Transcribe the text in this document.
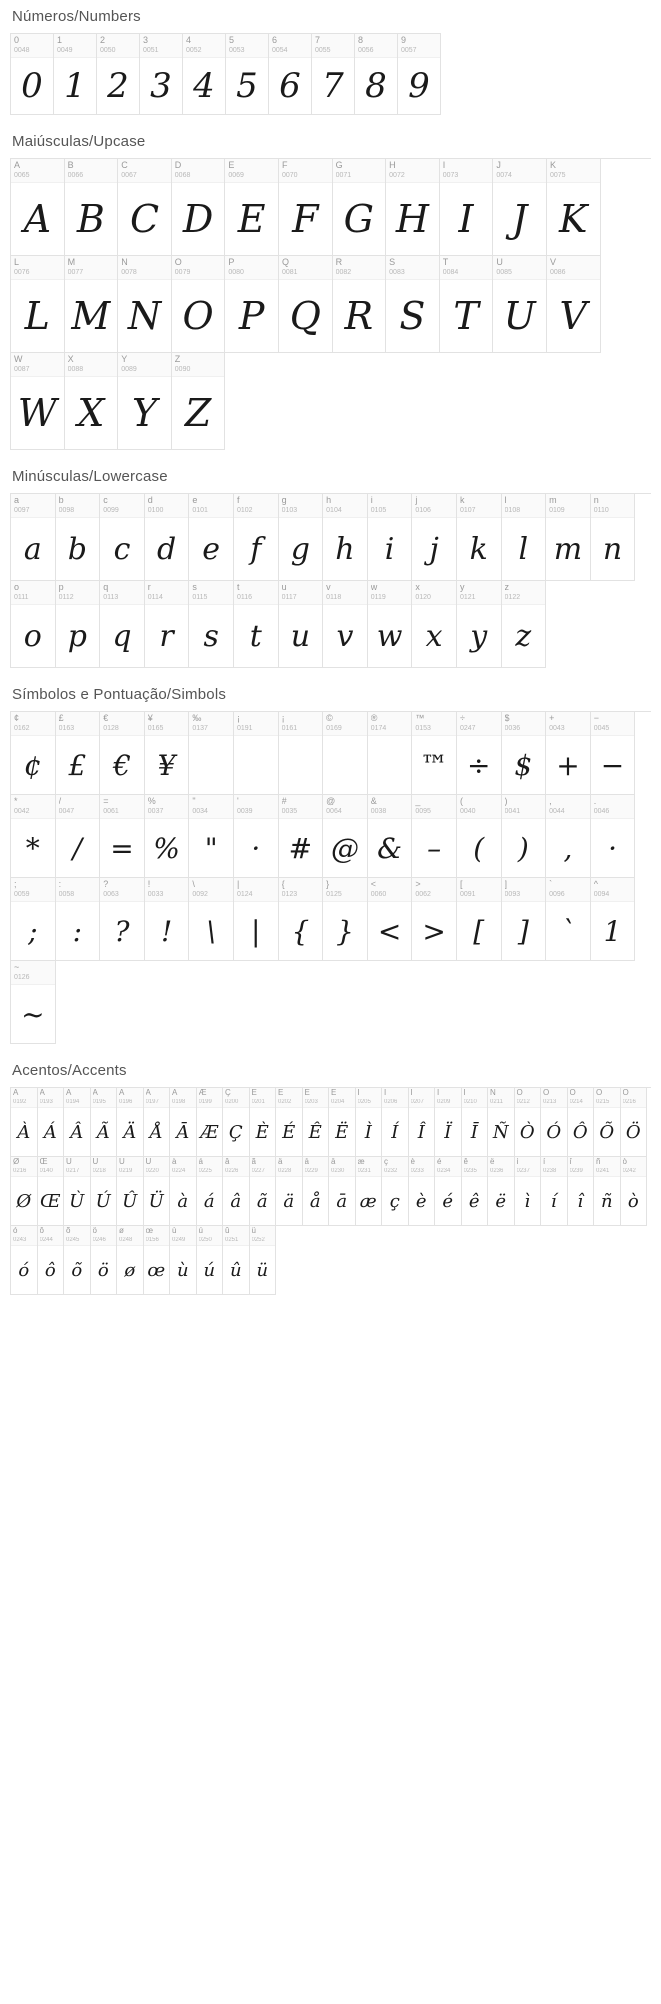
Números/Numbers
0
0048
0
1
0049
1
2
0050
2
3
0051
3
4
0052
4
5
0053
5
6
0054
6
7
0055
7
8
0056
8
9
0057
9
Maiúsculas/Upcase
A
0065
A
B
0066
B
C
0067
C
D
0068
D
E
0069
E
F
0070
F
G
0071
G
H
0072
H
I
0073
I
J
0074
J
K
0075
K
L
0076
L
M
0077
M
N
0078
N
O
0079
O
P
0080
P
Q
0081
Q
R
0082
R
S
0083
S
T
0084
T
U
0085
U
V
0086
V
W
0087
W
X
0088
X
Y
0089
Y
Z
0090
Z
Minúsculas/Lowercase
a
0097
a
b
0098
b
c
0099
c
d
0100
d
e
0101
e
f
0102
f
g
0103
g
h
0104
h
i
0105
i
j
0106
j
k
0107
k
l
0108
l
m
0109
m
n
0110
n
o
0111
o
p
0112
p
q
0113
q
r
0114
r
s
0115
s
t
0116
t
u
0117
u
v
0118
v
w
0119
w
x
0120
x
y
0121
y
z
0122
z
Símbolos e Pontuação/Simbols
¢
0162
¢
£
0163
£
€
0128
€
¥
0165
¥
‰
0137
¡
0191
¡
0161
©
0169
®
0174
™
0153
™
÷
0247
÷
$
0036
$
+
0043
+
−
0045
−
*
0042
*
/
0047
/
=
0061
=
%
0037
%
"
0034
"
'
0039
·
#
0035
#
@
0064
@
&
0038
&
_
0095
–
(
0040
(
)
0041
)
,
0044
,
.
0046
·
;
0059
;
:
0058
:
?
0063
?
!
0033
!
\
0092
\
|
0124
|
{
0123
{
}
0125
}
<
0060
<
>
0062
>
[
0091
[
]
0093
]
`
0096
`
^
0094
1
~
0126
~
Acentos/Accents
À
0192
À
Á
0193
Á
Â
0194
Â
Ã
0195
Ã
Ä
0196
Ä
Å
0197
Å
Ā
0198
Ā
Æ
0199
Æ
Ç
0200
Ç
È
0201
È
É
0202
É
Ê
0203
Ê
Ë
0204
Ë
Ì
0205
Ì
Í
0206
Í
Î
0207
Î
Ï
0209
Ï
Ī
0210
Ī
Ñ
0211
Ñ
Ò
0212
Ò
Ó
0213
Ó
Ô
0214
Ô
Õ
0215
Õ
Ö
0216
Ö
Ø
0216
Ø
Œ
0140
Œ
Ù
0217
Ù
Ú
0218
Ú
Û
0219
Û
Ü
0220
Ü
à
0224
à
á
0225
á
â
0226
â
ã
0227
ã
ä
0228
ä
å
0229
å
ā
0230
ā
æ
0231
æ
ç
0232
ç
è
0233
è
é
0234
é
ê
0235
ê
ë
0236
ë
ì
0237
ì
í
0238
í
î
0239
î
ñ
0241
ñ
ò
0242
ò
ó
0243
ó
ô
0244
ô
õ
0245
õ
ö
0246
ö
ø
0248
ø
œ
0156
œ
ù
0249
ù
ú
0250
ú
û
0251
û
ü
0252
ü
